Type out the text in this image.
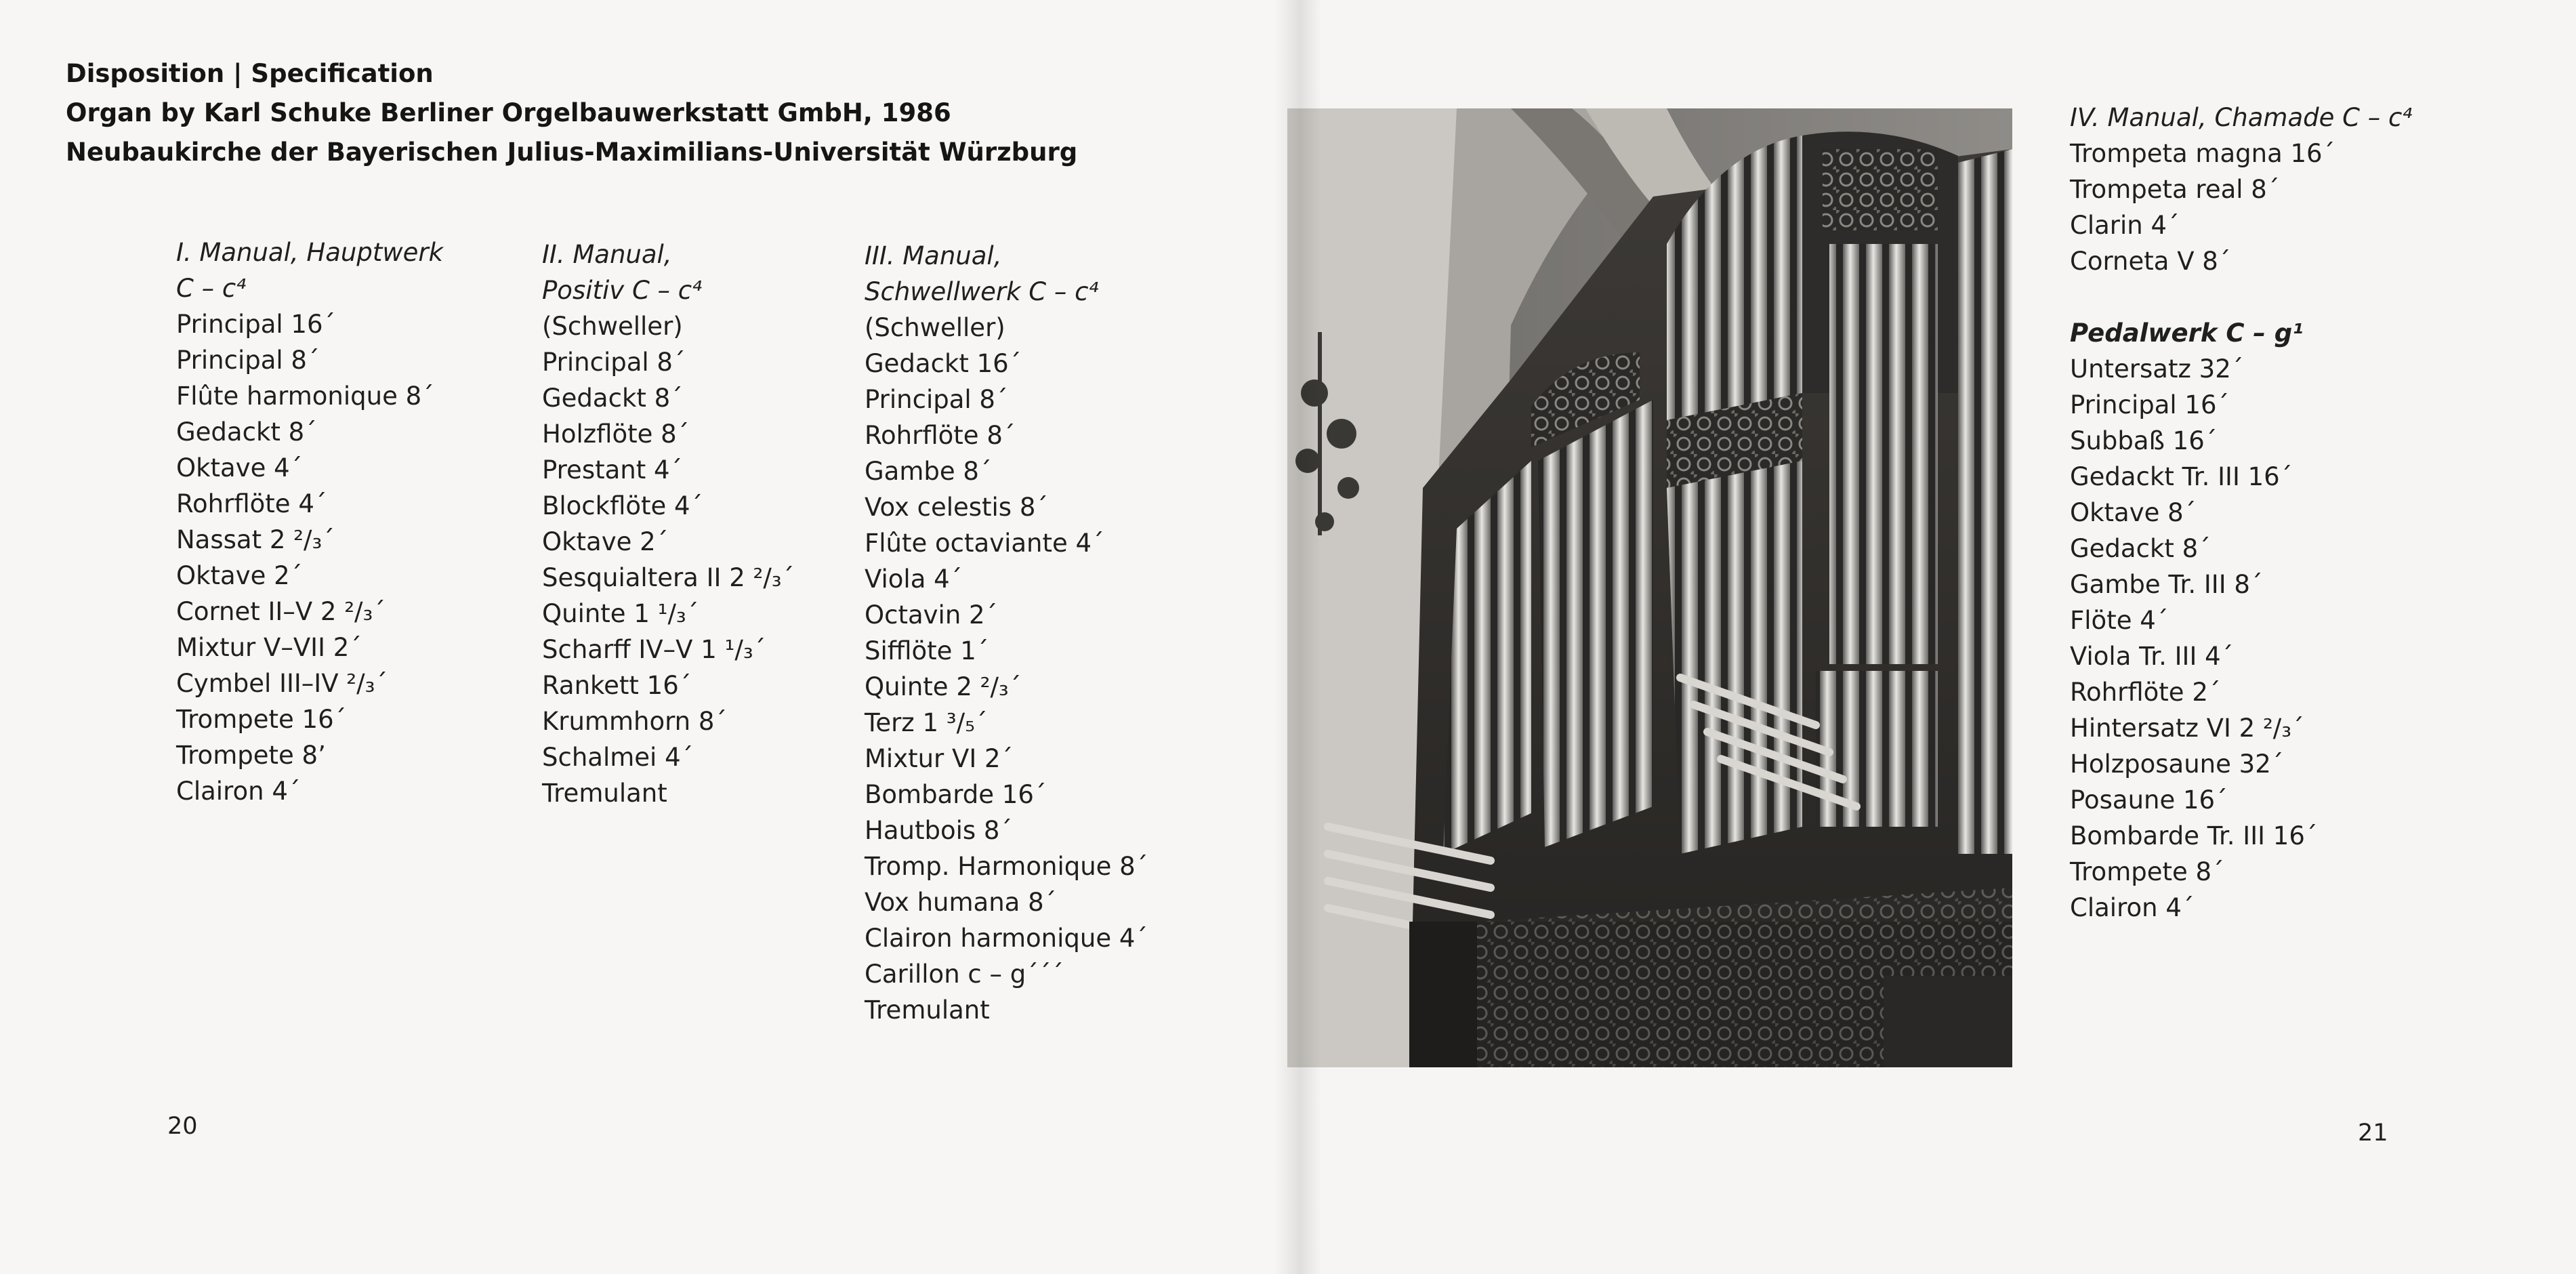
Disposition | Specification
Organ by Karl Schuke Berliner Orgelbauwerkstatt GmbH, 1986
Neubaukirche der Bayerischen Julius-Maximilians-Universität Würzburg
I. Manual, Hauptwerk
C – c⁴
Principal 16´
Principal 8´
Flûte harmonique 8´
Gedackt 8´
Oktave 4´
Rohrflöte 4´
Nassat 2 ²/₃´
Oktave 2´
Cornet II–V 2 ²/₃´
Mixtur V–VII 2´
Cymbel III–IV ²/₃´
Trompete 16´
Trompete 8’
Clairon 4´
II. Manual,
Positiv C – c⁴
(Schweller)
Principal 8´
Gedackt 8´
Holzflöte 8´
Prestant 4´
Blockflöte 4´
Oktave 2´
Sesquialtera II 2 ²/₃´
Quinte 1 ¹/₃´
Scharff IV–V 1 ¹/₃´
Rankett 16´
Krummhorn 8´
Schalmei 4´
Tremulant
III. Manual,
Schwellwerk C – c⁴
(Schweller)
Gedackt 16´
Principal 8´
Rohrflöte 8´
Gambe 8´
Vox celestis 8´
Flûte octaviante 4´
Viola 4´
Octavin 2´
Sifflöte 1´
Quinte 2 ²/₃´
Terz 1 ³/₅´
Mixtur VI 2´
Bombarde 16´
Hautbois 8´
Tromp. Harmonique 8´
Vox humana 8´
Clairon harmonique 4´
Carillon c – g´´´
Tremulant
20
IV. Manual, Chamade C – c⁴
Trompeta magna 16´
Trompeta real 8´
Clarin 4´
Corneta V 8´
Pedalwerk C – g¹
Untersatz 32´
Principal 16´
Subbaß 16´
Gedackt Tr. III 16´
Oktave 8´
Gedackt 8´
Gambe Tr. III 8´
Flöte 4´
Viola Tr. III 4´
Rohrflöte 2´
Hintersatz VI 2 ²/₃´
Holzposaune 32´
Posaune 16´
Bombarde Tr. III 16´
Trompete 8´
Clairon 4´
21
